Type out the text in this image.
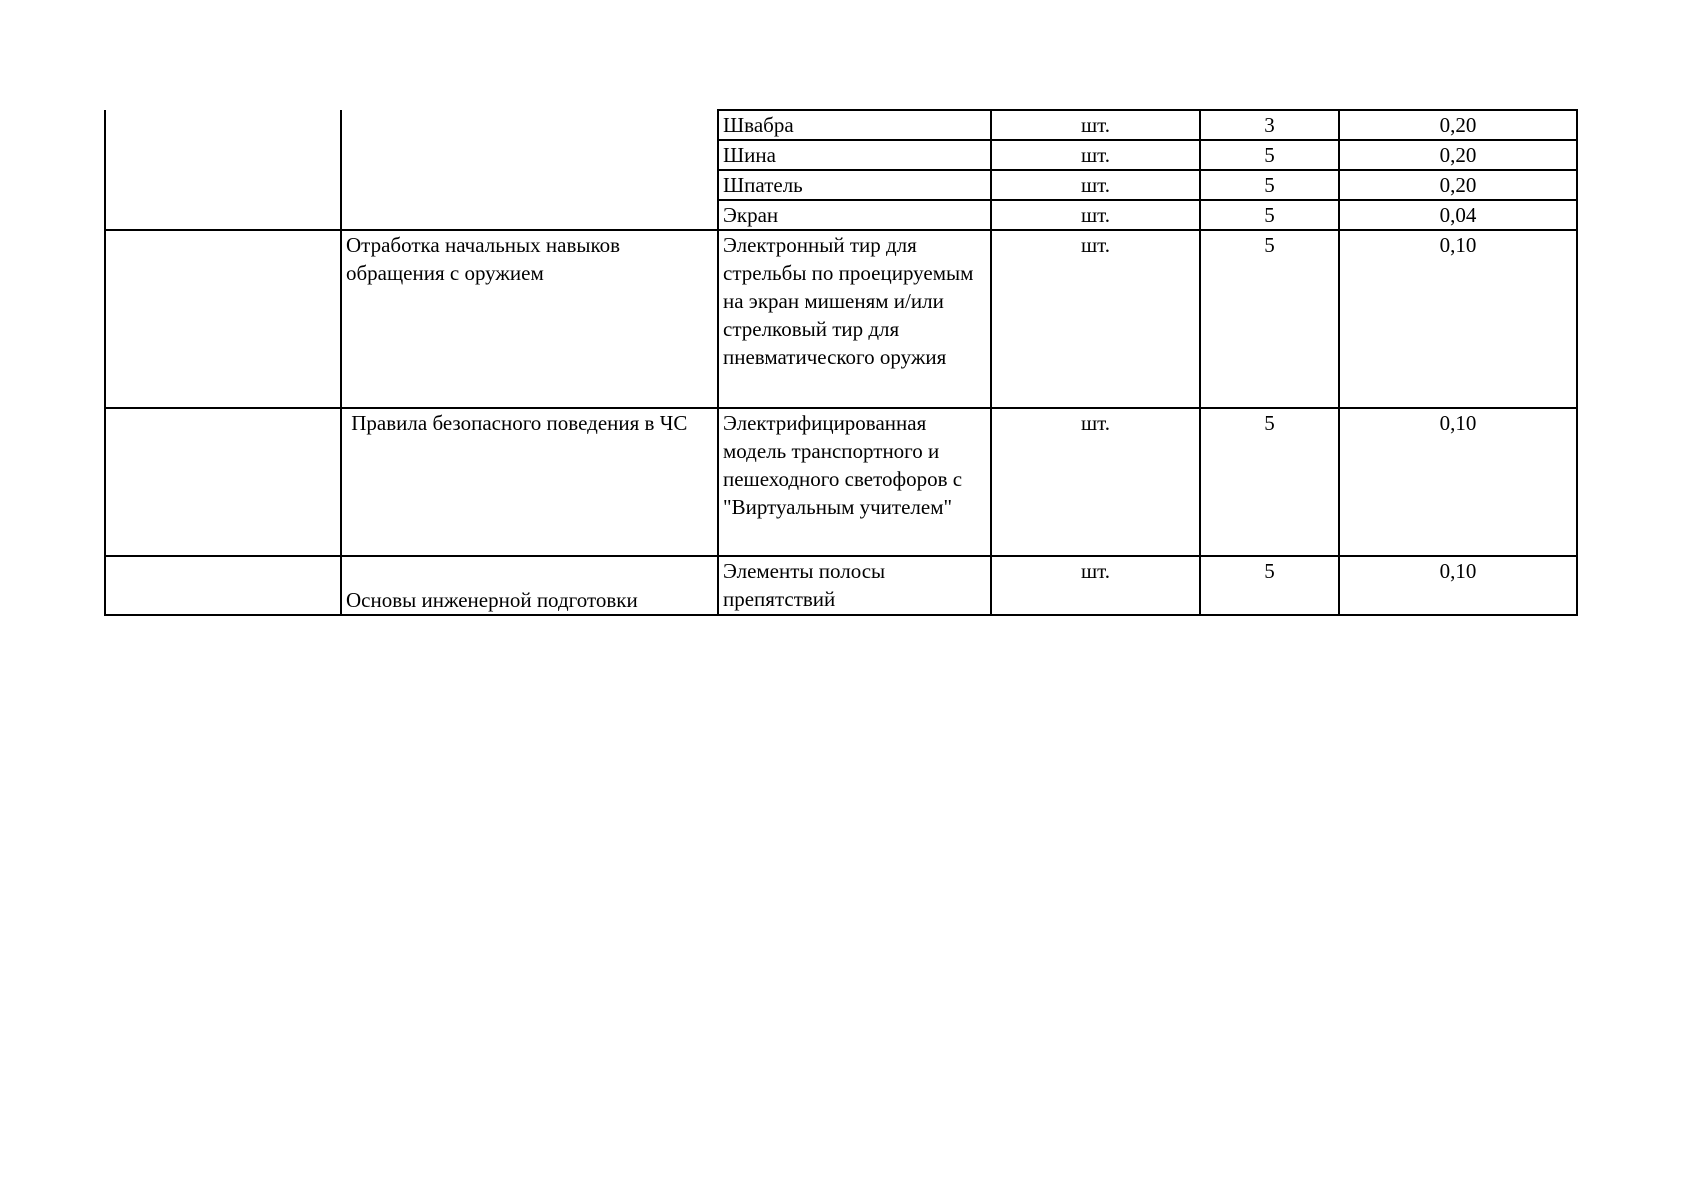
		Швабра	шт.	3	0,20
		Шина	шт.	5	0,20
		Шпатель	шт.	5	0,20
		Экран	шт.	5	0,04
	Отработка начальных навыков обращения с оружием	Электронный тир для стрельбы по проецируемым на экран мишеням и/или стрелковый тир для пневматического оружия	шт.	5	0,10
	Правила безопасного поведения в ЧС	Электрифицированная модель транспортного и пешеходного светофоров с "Виртуальным учителем"	шт.	5	0,10
	Основы инженерной подготовки	Элементы полосы препятствий	шт.	5	0,10
